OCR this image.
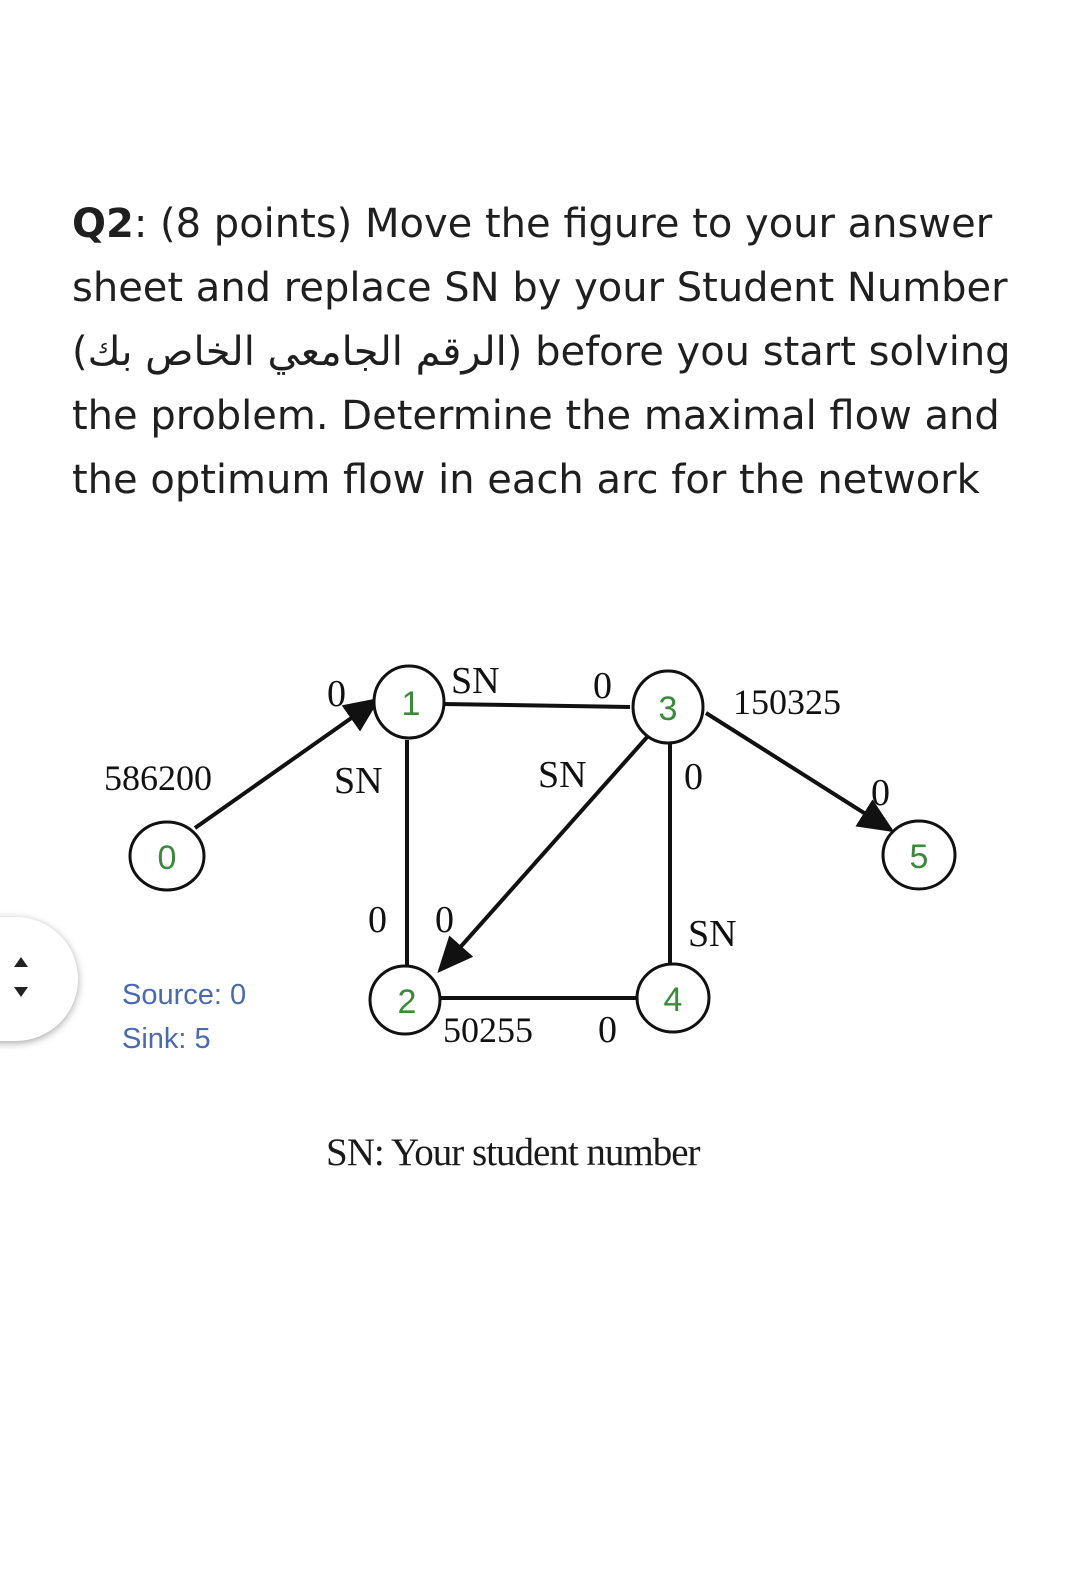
Q2: (8 points) Move the figure to your answer sheet and replace SN by your Student Number (الرقم الجامعي الخاص بك) before you start solving the problem. Determine the maximal flow and the optimum flow in each arc for the network

0
1
2
3
4
5
586200
0	SN 0
SN
0
SN
0
0
SN
50255 0
150325
0
Source: 0
Sink: 5
SN: Your student number
